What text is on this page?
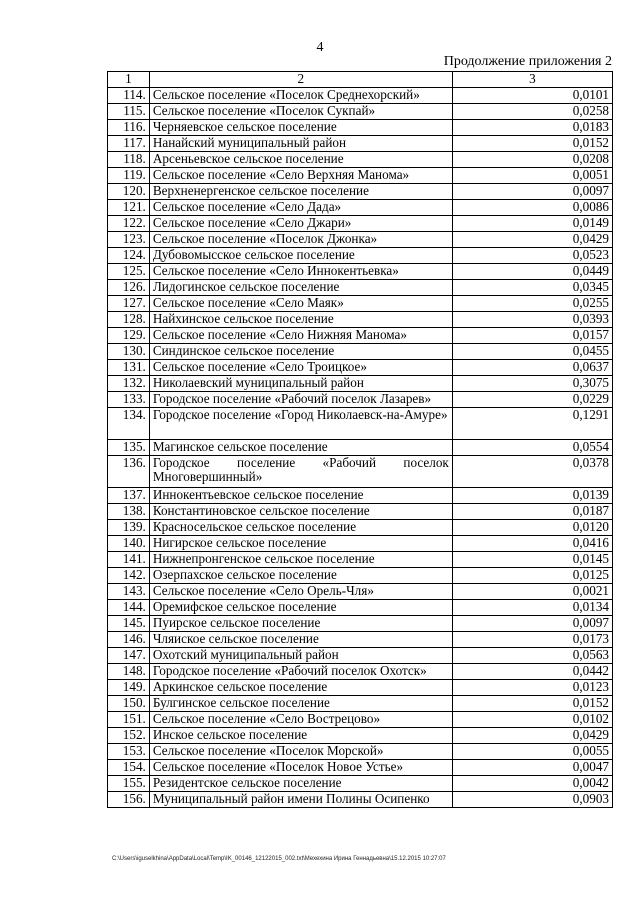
4
Продолжение приложения 2
1	2	3
114.	Сельское поселение «Поселок Среднехорский»	0,0101
115.	Сельское поселение «Поселок Сукпай»	0,0258
116.	Черняевское сельское поселение	0,0183
117.	Нанайский муниципальный район	0,0152
118.	Арсеньевское сельское поселение	0,0208
119.	Сельское поселение «Село Верхняя Манома»	0,0051
120.	Верхненергенское сельское поселение	0,0097
121.	Сельское поселение «Село Дада»	0,0086
122.	Сельское поселение «Село Джари»	0,0149
123.	Сельское поселение «Поселок Джонка»	0,0429
124.	Дубовомысское сельское поселение	0,0523
125.	Сельское поселение «Село Иннокентьевка»	0,0449
126.	Лидогинское сельское поселение	0,0345
127.	Сельское поселение «Село Маяк»	0,0255
128.	Найхинское сельское поселение	0,0393
129.	Сельское поселение «Село Нижняя Манома»	0,0157
130.	Синдинское сельское поселение	0,0455
131.	Сельское поселение «Село Троицкое»	0,0637
132.	Николаевский муниципальный район	0,3075
133.	Городское поселение «Рабочий поселок Лазарев»	0,0229
134.	Городское поселение «Город Николаевск-на-Амуре»	0,1291
135.	Магинское сельское поселение	0,0554
136.	Городское поселение «Рабочий поселок Многовершинный»	0,0378
137.	Иннокентьевское сельское поселение	0,0139
138.	Константиновское сельское поселение	0,0187
139.	Красносельское сельское поселение	0,0120
140.	Нигирское сельское поселение	0,0416
141.	Нижнепронгенское сельское поселение	0,0145
142.	Озерпахское сельское поселение	0,0125
143.	Сельское поселение «Село Орель-Чля»	0,0021
144.	Оремифское сельское поселение	0,0134
145.	Пуирское сельское поселение	0,0097
146.	Чляиское сельское поселение	0,0173
147.	Охотский муниципальный район	0,0563
148.	Городское поселение «Рабочий поселок Охотск»	0,0442
149.	Аркинское сельское поселение	0,0123
150.	Булгинское сельское поселение	0,0152
151.	Сельское поселение «Село Вострецово»	0,0102
152.	Инское сельское поселение	0,0429
153.	Сельское поселение «Поселок Морской»	0,0055
154.	Сельское поселение «Поселок Новое Устье»	0,0047
155.	Резидентское сельское поселение	0,0042
156.	Муниципальный район имени Полины Осипенко	0,0903
C:\Users\iguselkhina\AppData\Local\Temp\IK_00146_12122015_002.txt\Мехехина Ирина Геннадьевна\15.12.2015 10:27:07
